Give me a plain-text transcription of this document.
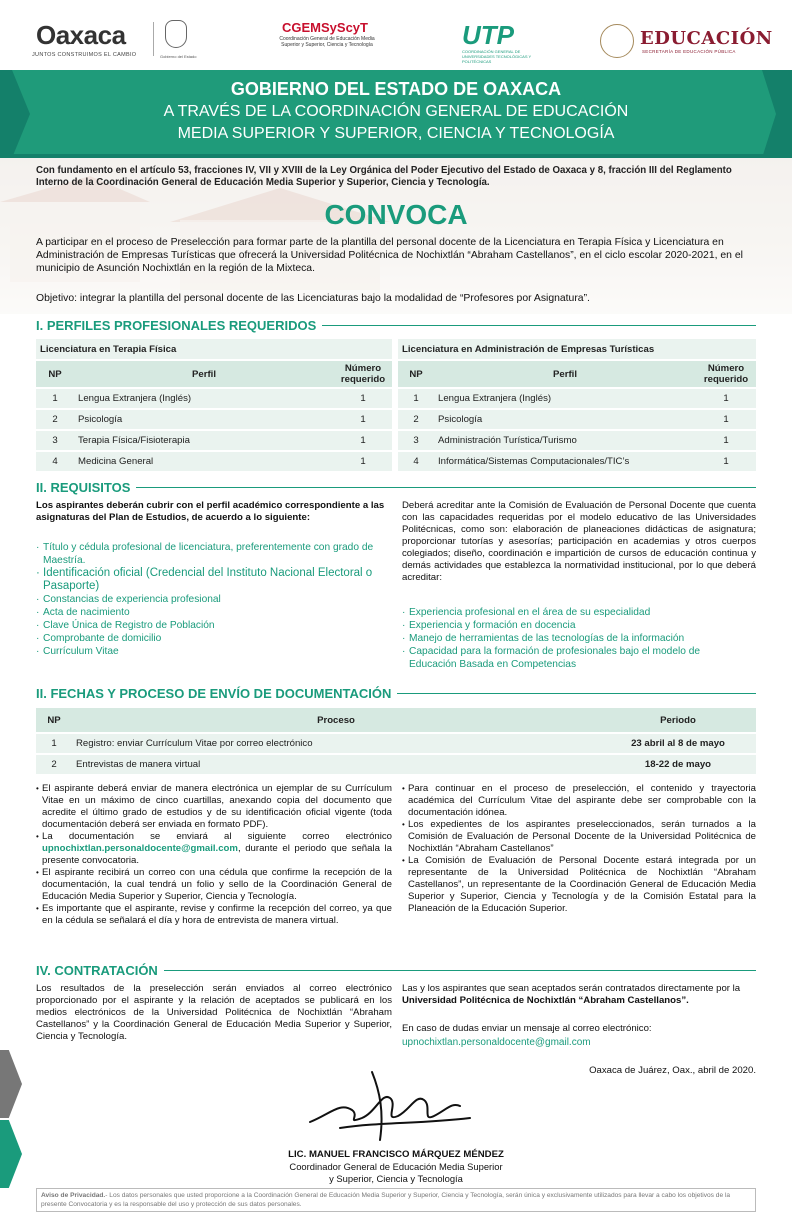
Oaxaca
JUNTOS CONSTRUIMOS EL CAMBIO	Gobierno del Estado
CGEMSyScyT
Coordinación General de Educación Media Superior y Superior, Ciencia y Tecnología	UTP
COORDINACIÓN GENERAL DE UNIVERSIDADES TECNOLÓGICAS Y POLITÉCNICAS
EDUCACIÓN
SECRETARÍA DE EDUCACIÓN PÚBLICA
GOBIERNO DEL ESTADO DE OAXACA
A TRAVÉS DE LA COORDINACIÓN GENERAL DE EDUCACIÓN
MEDIA SUPERIOR Y SUPERIOR, CIENCIA Y TECNOLOGÍA

Con fundamento en el artículo 53, fracciones IV, VII y XVIII de la Ley Orgánica del Poder Ejecutivo del Estado de Oaxaca y 8, fracción III del Reglamento Interno de la Coordinación General de Educación Media Superior y Superior, Ciencia y Tecnología.

CONVOCA

A participar en el proceso de Preselección para formar parte de la plantilla del personal docente de la Licenciatura en Terapia Física y Licenciatura en Administración de Empresas Turísticas que ofrecerá la Universidad Politécnica de Nochixtlán “Abraham Castellanos”, en el ciclo escolar 2020-2021, en el municipio de Asunción Nochixtlán en la región de la Mixteca.

Objetivo: integrar la plantilla del personal docente de las Licenciaturas bajo la modalidad de “Profesores por Asignatura”.

I. PERFILES PROFESIONALES REQUERIDOS
Licenciatura en Terapia Física		
NP	Perfil	Número requerido
1	Lengua Extranjera (Inglés)	1
2	Psicología	1
3	Terapia Física/Fisioterapia	1
4	Medicina General	1
Licenciatura en Administración de Empresas Turísticas		
NP	Perfil	Número requerido
1	Lengua Extranjera (Inglés)	1
2	Psicología	1
3	Administración Turística/Turismo	1
4	Informática/Sistemas Computacionales/TIC’s	1
II. REQUISITOS

Los aspirantes deberán cubrir con el perfil académico correspondiente a las asignaturas del Plan de Estudios, de acuerdo a lo siguiente:

· Título y cédula profesional de licenciatura, preferentemente con grado de Maestría.
· Identificación oficial (Credencial del Instituto Nacional Electoral o Pasaporte)
· Constancias de experiencia profesional
· Acta de nacimiento
· Clave Única de Registro de Población
· Comprobante de domicilio
· Currículum Vitae

Deberá acreditar ante la Comisión de Evaluación de Personal Docente que cuenta con las capacidades requeridas por el modelo educativo de las Universidades Politécnicas, como son: elaboración de planeaciones didácticas de asignatura; proporcionar tutorías y asesorías; participación en academias y otros cuerpos colegiados; diseño, coordinación e impartición de cursos de educación continua y demás actividades que establezca la normatividad institucional, por lo que deberá acreditar:

· Experiencia profesional en el área de su especialidad
· Experiencia y formación en docencia
· Manejo de herramientas de las tecnologías de la información
· Capacidad para la formación de profesionales bajo el modelo de Educación Basada en Competencias
II. FECHAS Y PROCESO DE ENVÍO DE DOCUMENTACIÓN
NP	Proceso	Periodo
1	Registro: enviar Currículum Vitae por correo electrónico	23 abril al 8 de mayo
2	Entrevistas de manera virtual	18-22 de mayo
• El aspirante deberá enviar de manera electrónica un ejemplar de su Currículum Vitae en un máximo de cinco cuartillas, anexando copia del documento que acredite el último grado de estudios y de su identificación oficial vigente (toda documentación deberá ser enviada en formato PDF).
• La documentación se enviará al siguiente correo electrónico upnochixtlan.personaldocente@gmail.com, durante el periodo que señala la presente convocatoria.
• El aspirante recibirá un correo con una cédula que confirme la recepción de la documentación, la cual tendrá un folio y sello de la Coordinación General de Educación Media Superior y Superior, Ciencia y Tecnología.
• Es importante que el aspirante, revise y confirme la recepción del correo, ya que en la cédula se señalará el día y hora de entrevista de manera virtual.
• Para continuar en el proceso de preselección, el contenido y trayectoria académica del Currículum Vitae del aspirante debe ser comprobable con la documentación idónea.
• Los expedientes de los aspirantes preseleccionados, serán turnados a la Comisión de Evaluación de Personal Docente de la Universidad Politécnica de Nochixtlán “Abraham Castellanos”
• La Comisión de Evaluación de Personal Docente estará integrada por un representante de la Universidad Politécnica de Nochixtlán “Abraham Castellanos”, un representante de la Coordinación General de Educación Media Superior y Superior, Ciencia y Tecnología y de la Comisión Estatal para la Planeación de la Educación Superior.
IV. CONTRATACIÓN

Los resultados de la preselección serán enviados al correo electrónico proporcionado por el aspirante y la relación de aceptados se publicará en los medios electrónicos de la Universidad Politécnica de Nochixtlán “Abraham Castellanos” y la Coordinación General de Educación Media Superior y Superior, Ciencia y Tecnología.

Las y los aspirantes que sean aceptados serán contratados directamente por la Universidad Politécnica de Nochixtlán “Abraham Castellanos”.

En caso de dudas enviar un mensaje al correo electrónico:

upnochixtlan.personaldocente@gmail.com

Oaxaca de Juárez, Oax., abril de 2020.

LIC. MANUEL FRANCISCO MÁRQUEZ MÉNDEZ
Coordinador General de Educación Media Superior
y Superior, Ciencia y Tecnología
Aviso de Privacidad.- Los datos personales que usted proporcione a la Coordinación General de Educación Media Superior y Superior, Ciencia y Tecnología, serán única y exclusivamente utilizados para llevar a cabo los objetivos de la presente Convocatoria y es la responsable del uso y protección de sus datos personales.
